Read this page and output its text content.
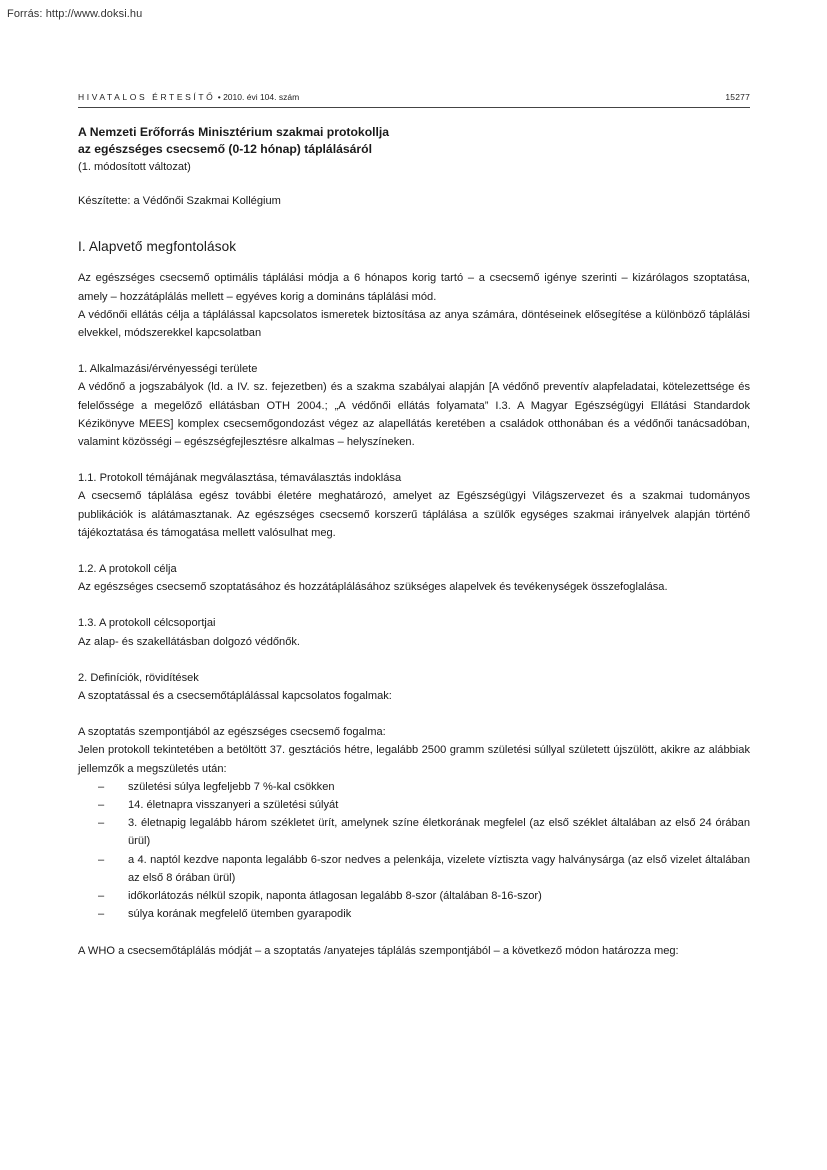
Forrás: http://www.doksi.hu
HIVATALOS ÉRTESÍTŐ • 2010. évi 104. szám	15277
A Nemzeti Erőforrás Minisztérium szakmai protokollja
az egészséges csecsemő (0-12 hónap) táplálásáról

(1. módosított változat)

Készítette: a Védőnői Szakmai Kollégium

I. Alapvető megfontolások

Az egészséges csecsemő optimális táplálási módja a 6 hónapos korig tartó – a csecsemő igénye szerinti – kizárólagos szoptatása, amely – hozzátáplálás mellett – egyéves korig a domináns táplálási mód.

A védőnői ellátás célja a táplálással kapcsolatos ismeretek biztosítása az anya számára, döntéseinek elősegítése a különböző táplálási elvekkel, módszerekkel kapcsolatban

1. Alkalmazási/érvényességi területe

A védőnő a jogszabályok (ld. a IV. sz. fejezetben) és a szakma szabályai alapján [A védőnő preventív alapfeladatai, kötelezettsége és felelőssége a megelőző ellátásban OTH 2004.; „A védőnői ellátás folyamata” I.3. A Magyar Egészségügyi Ellátási Standardok Kézikönyve MEES] komplex csecsemőgondozást végez az alapellátás keretében a családok otthonában és a védőnői tanácsadóban, valamint közösségi – egészségfejlesztésre alkalmas – helyszíneken.

1.1. Protokoll témájának megválasztása, témaválasztás indoklása

A csecsemő táplálása egész további életére meghatározó, amelyet az Egészségügyi Világszervezet és a szakmai tudományos publikációk is alátámasztanak. Az egészséges csecsemő korszerű táplálása a szülők egységes szakmai irányelvek alapján történő tájékoztatása és támogatása mellett valósulhat meg.

1.2. A protokoll célja

Az egészséges csecsemő szoptatásához és hozzátáplálásához szükséges alapelvek és tevékenységek összefoglalása.

1.3. A protokoll célcsoportjai

Az alap- és szakellátásban dolgozó védőnők.

2. Definíciók, rövidítések

A szoptatással és a csecsemőtáplálással kapcsolatos fogalmak:

A szoptatás szempontjából az egészséges csecsemő fogalma:

Jelen protokoll tekintetében a betöltött 37. gesztációs hétre, legalább 2500 gramm születési súllyal született újszülött, akikre az alábbiak jellemzők a megszületés után:

– születési súlya legfeljebb 7 %-kal csökken
– 14. életnapra visszanyeri a születési súlyát
– 3. életnapig legalább három székletet ürít, amelynek színe életkorának megfelel (az első széklet általában az első 24 órában ürül)
– a 4. naptól kezdve naponta legalább 6-szor nedves a pelenkája, vizelete víztiszta vagy halványsárga (az első vizelet általában az első 8 órában ürül)
– időkorlátozás nélkül szopik, naponta átlagosan legalább 8-szor (általában 8-16-szor)
– súlya korának megfelelő ütemben gyarapodik

A WHO a csecsemőtáplálás módját – a szoptatás /anyatejes táplálás szempontjából – a következő módon határozza meg:
